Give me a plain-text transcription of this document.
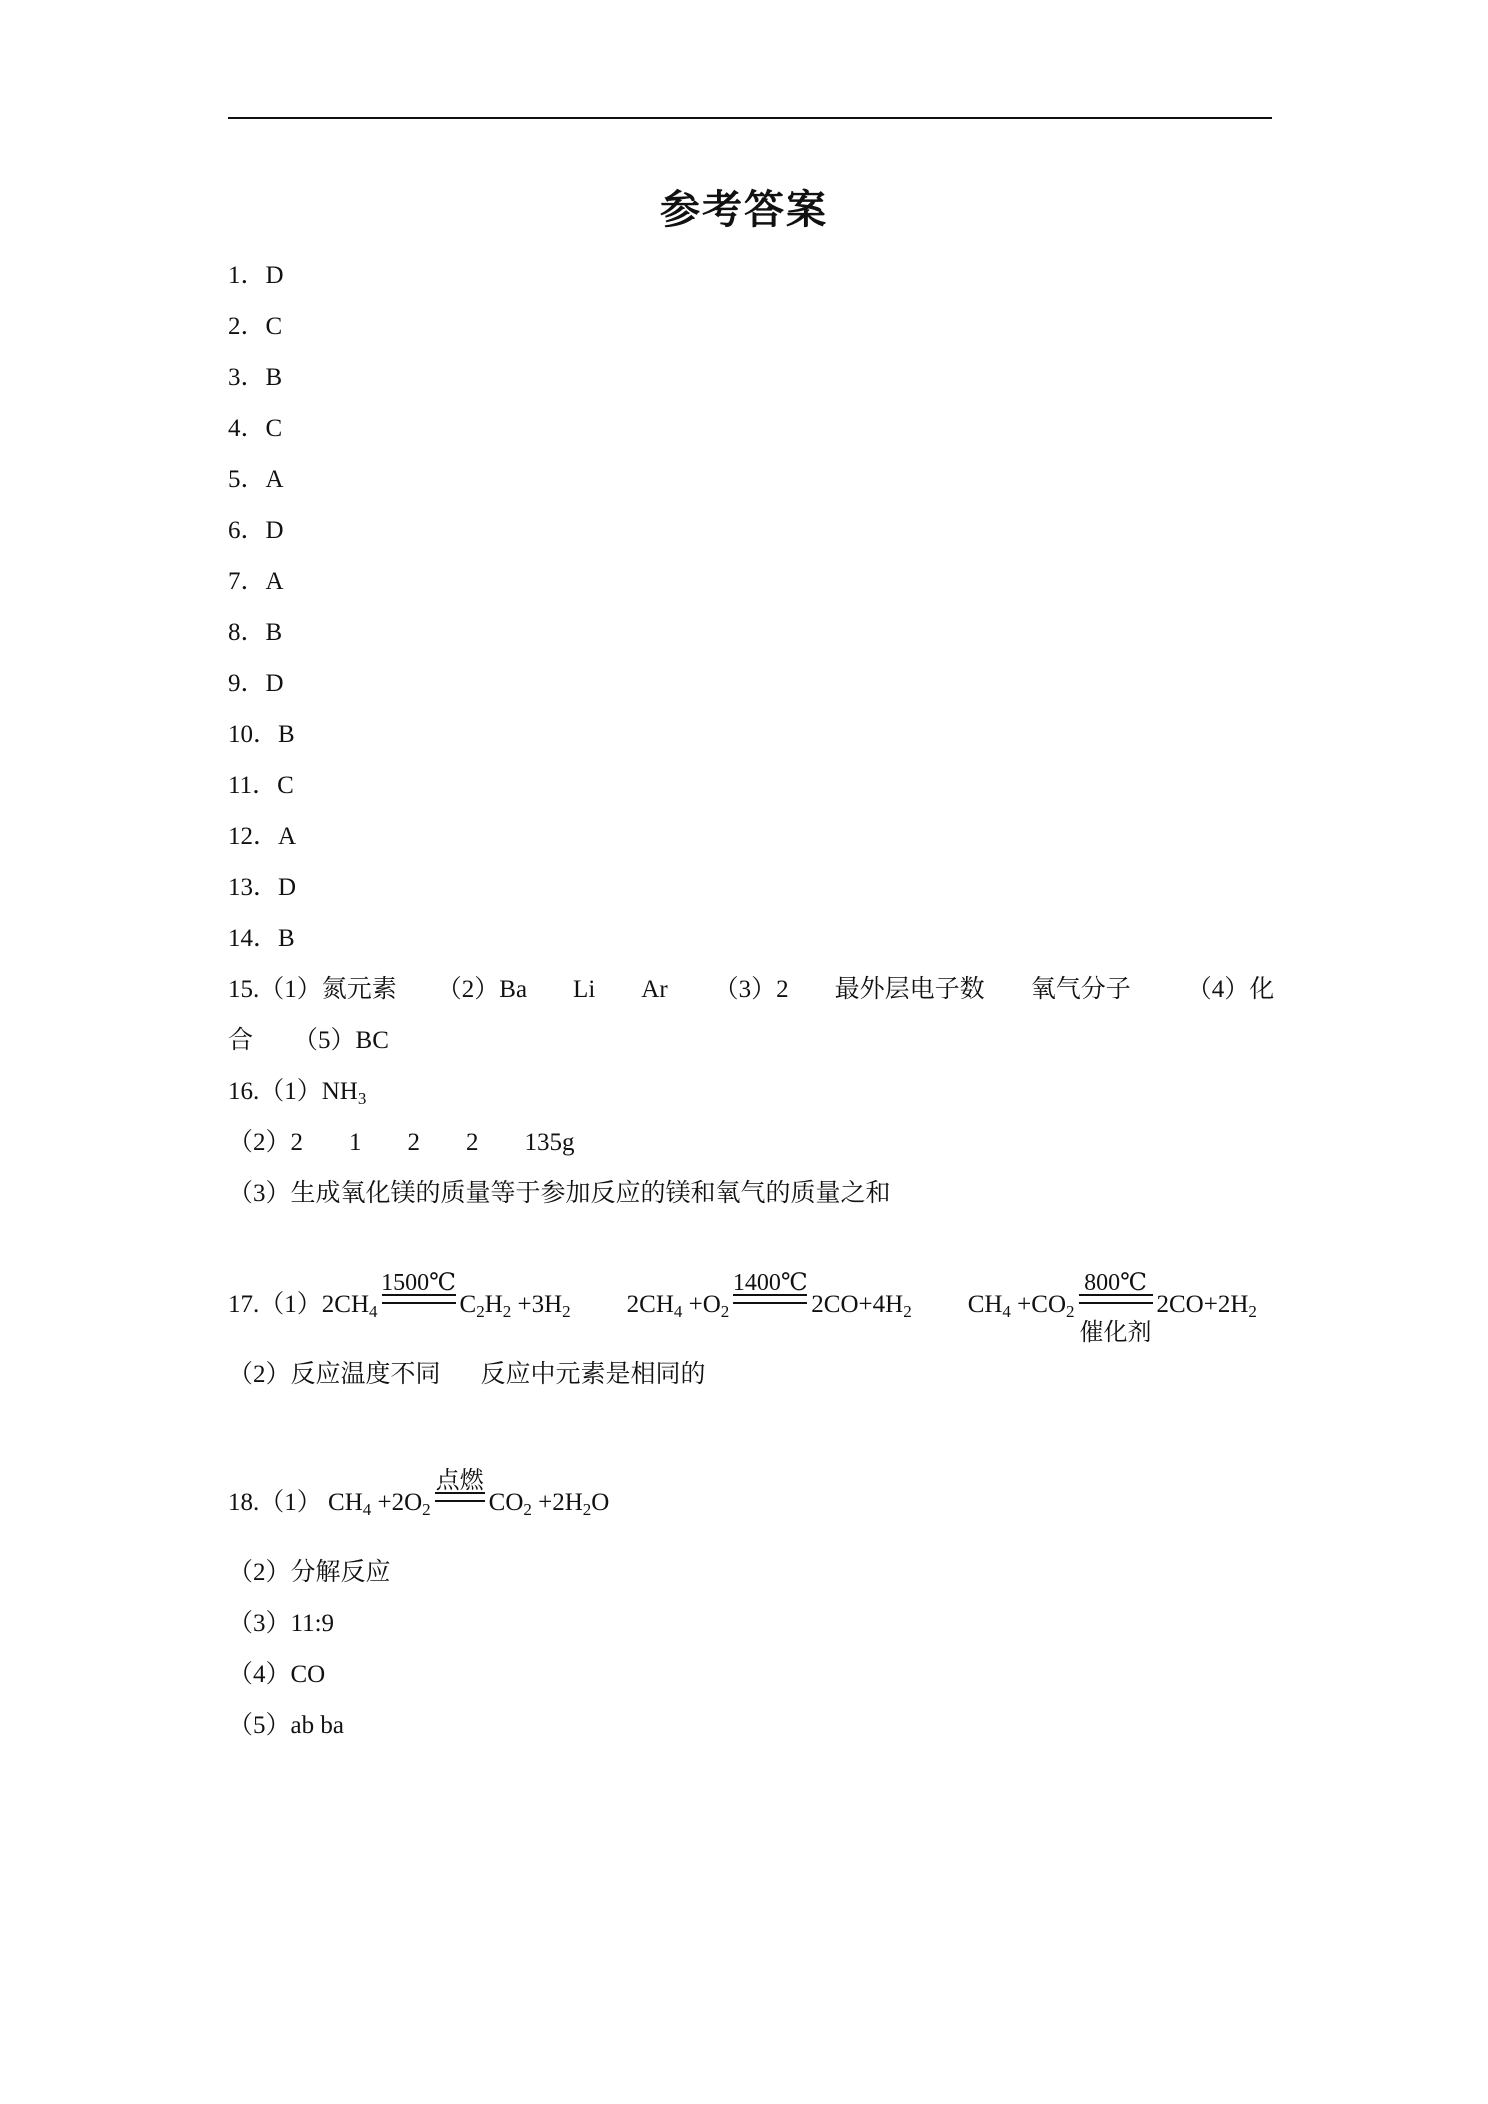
参考答案
1．D
2．C
3．B
4．C
5．A
6．D
7．A
8．B
9．D
10．B
11．C
12．A
13．D
14．B
15.（1）氮元素 （2）Ba Li Ar （3）2 最外层电子数 氧气分子 （4）化
合 （5）BC
$16.(1)NH_3$
（2）2 1 2 2 135g
（3）生成氧化镁的质量等于参加反应的镁和氧气的质量之和
$17.(1)2CH_4$
1500℃
$C_2H_2 +3H_2$ $2CH_4 +O_2$
1400℃
$2CO+4H_2$ $CH_4 +CO_2$
800℃
催化剂
$2CO+2H_2$
（2）反应温度不同 反应中元素是相同的
18.（1） $CH_4 +2O_2$
点燃
$CO_2 +2H_2O$
（2）分解反应
（3）11:9
（4）CO
（5）ab ba
